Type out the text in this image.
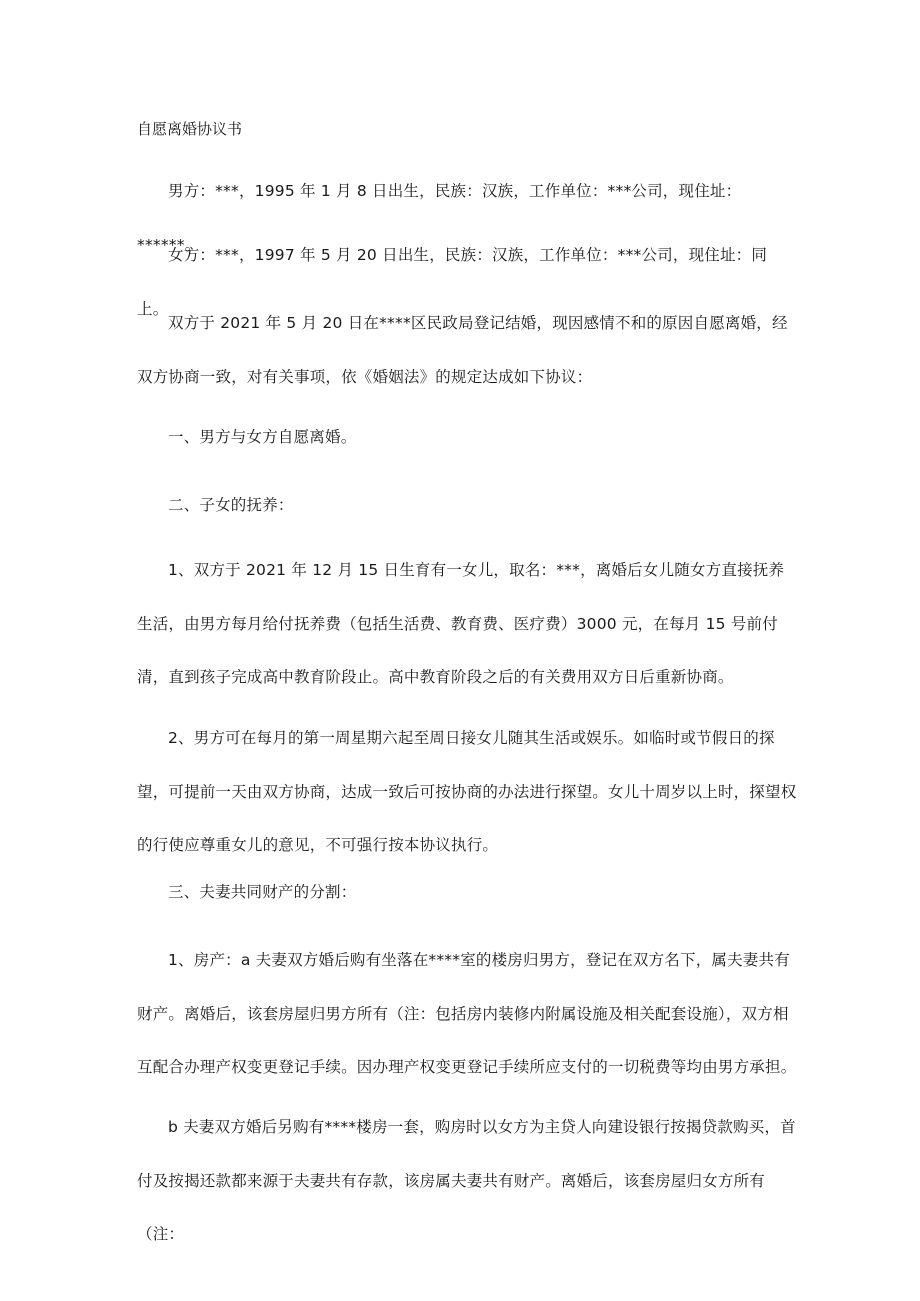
自愿离婚协议书

男方：***，1995 年 1 月 8 日出生，民族：汉族，工作单位：***公司，现住址：******。

女方：***，1997 年 5 月 20 日出生，民族：汉族，工作单位：***公司，现住址：同上。

双方于 2021 年 5 月 20 日在****区民政局登记结婚，现因感情不和的原因自愿离婚，经双方协商一致，对有关事项，依《婚姻法》的规定达成如下协议：

一、男方与女方自愿离婚。

二、子女的抚养：

1、双方于 2021 年 12 月 15 日生育有一女儿，取名：***，离婚后女儿随女方直接抚养生活，由男方每月给付抚养费（包括生活费、教育费、医疗费）3000 元，在每月 15 号前付清，直到孩子完成高中教育阶段止。高中教育阶段之后的有关费用双方日后重新协商。

2、男方可在每月的第一周星期六起至周日接女儿随其生活或娱乐。如临时或节假日的探望，可提前一天由双方协商，达成一致后可按协商的办法进行探望。女儿十周岁以上时，探望权的行使应尊重女儿的意见，不可强行按本协议执行。

三、夫妻共同财产的分割：

1、房产：a 夫妻双方婚后购有坐落在****室的楼房归男方，登记在双方名下，属夫妻共有财产。离婚后，该套房屋归男方所有（注：包括房内装修内附属设施及相关配套设施），双方相互配合办理产权变更登记手续。因办理产权变更登记手续所应支付的一切税费等均由男方承担。

b 夫妻双方婚后另购有****楼房一套，购房时以女方为主贷人向建设银行按揭贷款购买，首付及按揭还款都来源于夫妻共有存款，该房属夫妻共有财产。离婚后，该套房屋归女方所有（注：
